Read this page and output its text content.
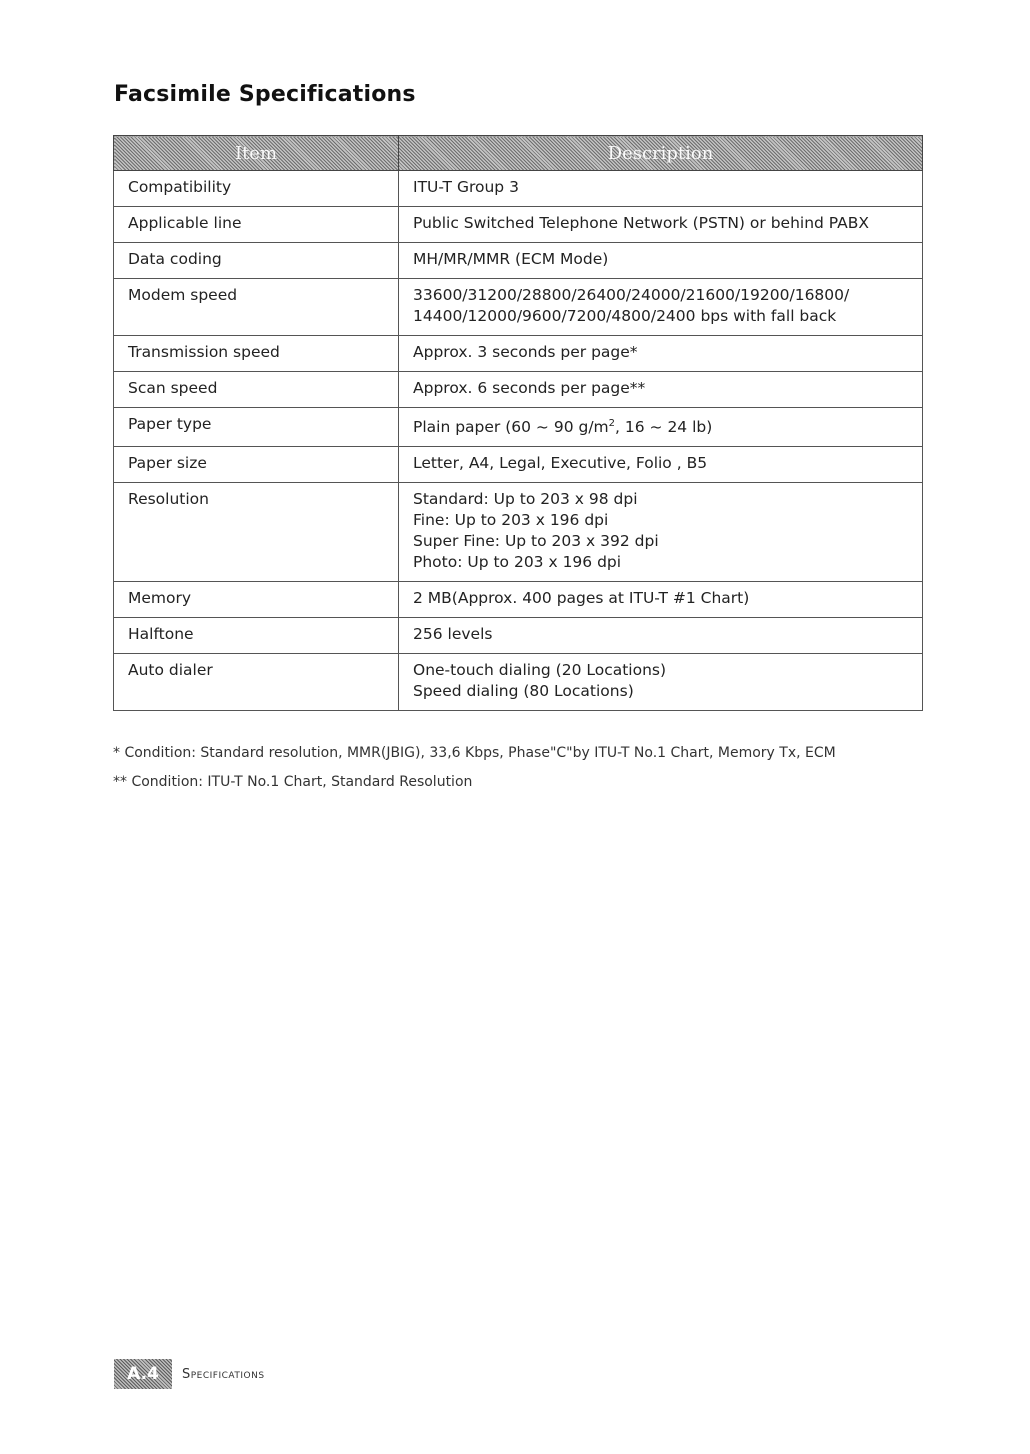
Facsimile Specifications
Item	Description
Compatibility	ITU-T Group 3

Applicable line	Public Switched Telephone Network (PSTN) or behind PABX

Data coding	MH/MR/MMR (ECM Mode)

Modem speed	33600/31200/28800/26400/24000/21600/19200/16800/
14400/12000/9600/7200/4800/2400 bps with fall back

Transmission speed	Approx. 3 seconds per page*

Scan speed	Approx. 6 seconds per page**

Paper type	Plain paper (60 ~ 90 $g/m^2$, 16 ~ 24 lb)

Paper size	Letter, A4, Legal, Executive, Folio , B5

Resolution	Standard: Up to 203 x 98 dpi
Fine: Up to 203 x 196 dpi
Super Fine: Up to 203 x 392 dpi
Photo: Up to 203 x 196 dpi

Memory	2 MB(Approx. 400 pages at ITU-T #1 Chart)

Halftone	256 levels

Auto dialer	One-touch dialing (20 Locations)
Speed dialing (80 Locations)
* Condition: Standard resolution, MMR(JBIG), 33,6 Kbps, Phase"C"by ITU-T No.1 Chart, Memory Tx, ECM
** Condition: ITU-T No.1 Chart, Standard Resolution
A.4	Specifications
